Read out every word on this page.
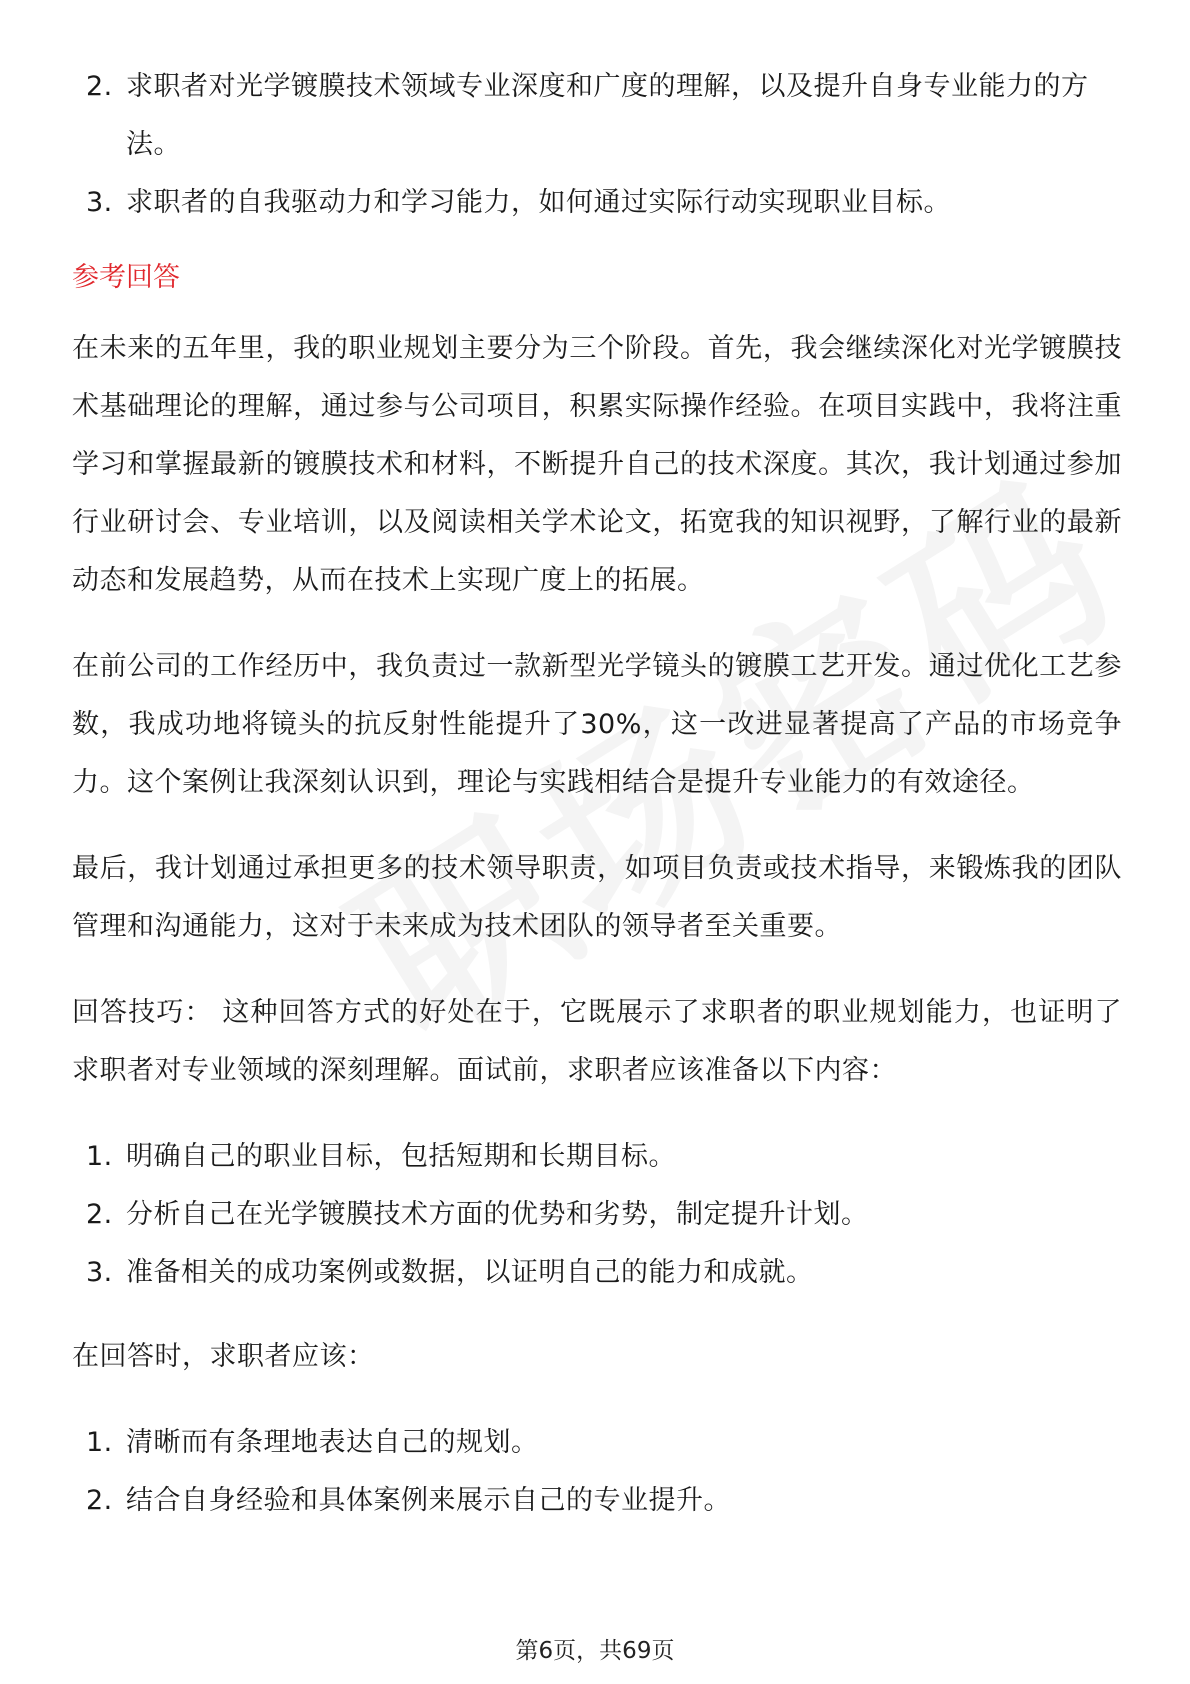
2. 求职者对光学镀膜技术领域专业深度和广度的理解，以及提升自身专业能力的方法。
3. 求职者的自我驱动力和学习能力，如何通过实际行动实现职业目标。
参考回答

在未来的五年里，我的职业规划主要分为三个阶段。首先，我会继续深化对光学镀膜技术基础理论的理解，通过参与公司项目，积累实际操作经验。在项目实践中，我将注重学习和掌握最新的镀膜技术和材料，不断提升自己的技术深度。其次，我计划通过参加行业研讨会、专业培训，以及阅读相关学术论文，拓宽我的知识视野，了解行业的最新动态和发展趋势，从而在技术上实现广度上的拓展。

在前公司的工作经历中，我负责过一款新型光学镜头的镀膜工艺开发。通过优化工艺参数，我成功地将镜头的抗反射性能提升了30%，这一改进显著提高了产品的市场竞争力。这个案例让我深刻认识到，理论与实践相结合是提升专业能力的有效途径。

最后，我计划通过承担更多的技术领导职责，如项目负责或技术指导，来锻炼我的团队管理和沟通能力，这对于未来成为技术团队的领导者至关重要。

回答技巧： 这种回答方式的好处在于，它既展示了求职者的职业规划能力，也证明了求职者对专业领域的深刻理解。面试前，求职者应该准备以下内容：

1. 明确自己的职业目标，包括短期和长期目标。
2. 分析自己在光学镀膜技术方面的优势和劣势，制定提升计划。
3. 准备相关的成功案例或数据，以证明自己的能力和成就。

在回答时，求职者应该：

1. 清晰而有条理地表达自己的规划。
2. 结合自身经验和具体案例来展示自己的专业提升。
第6页，共69页
